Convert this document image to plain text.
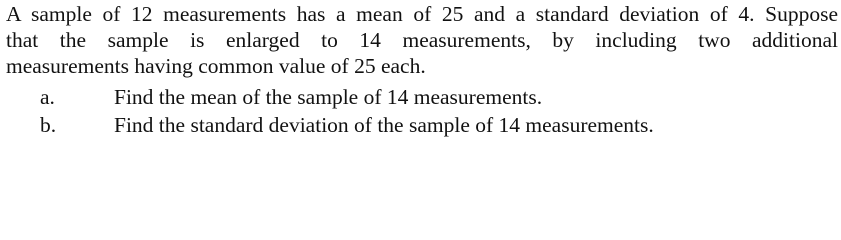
A sample of 12 measurements has a mean of 25 and a standard deviation of 4. Suppose
that the sample is enlarged to 14 measurements, by including two additional
measurements having common value of 25 each.
a.	Find the mean of the sample of 14 measurements.
b.	Find the standard deviation of the sample of 14 measurements.
